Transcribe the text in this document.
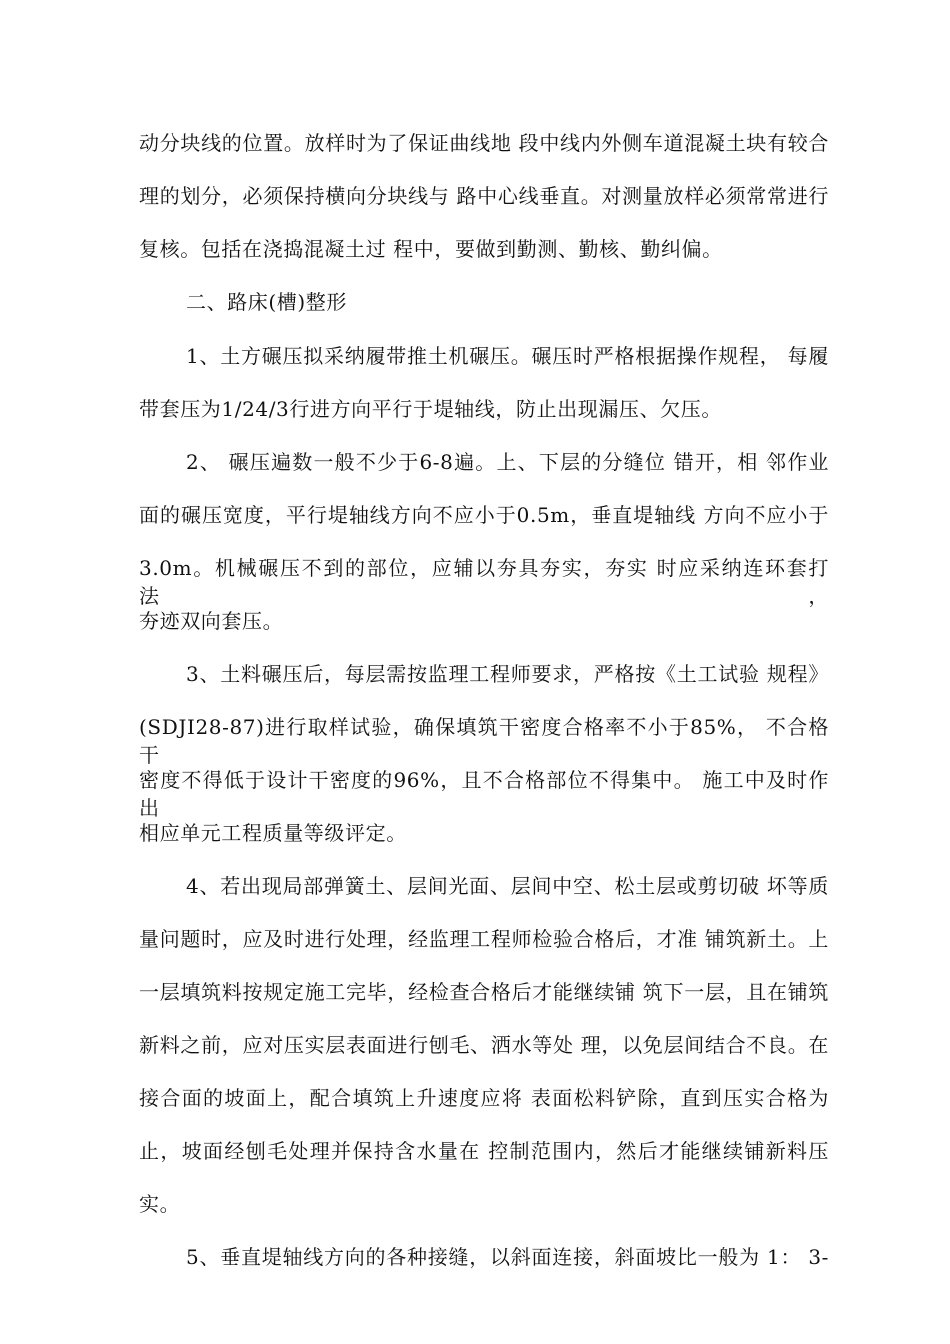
动分块线的位置。放样时为了保证曲线地 段中线内外侧车道混凝土块有较合
理的划分，必须保持横向分块线与 路中心线垂直。对测量放样必须常常进行
复核。包括在浇捣混凝土过 程中，要做到勤测、勤核、勤纠偏。
二、路床(槽)整形
1、土方碾压拟采纳履带推土机碾压。碾压时严格根据操作规程， 每履
带套压为1/24/3行进方向平行于堤轴线，防止出现漏压、欠压。
2、 碾压遍数一般不少于6-8遍。上、下层的分缝位 错开，相 邻作业
面的碾压宽度，平行堤轴线方向不应小于0.5m，垂直堤轴线 方向不应小于
3.0m。机械碾压不到的部位，应辅以夯具夯实，夯实 时应采纳连环套打法，
夯迹双向套压。
3、土料碾压后，每层需按监理工程师要求，严格按《土工试验 规程》
(SDJI28-87)进行取样试验，确保填筑干密度合格率不小于85%， 不合格干
密度不得低于设计干密度的96%，且不合格部位不得集中。 施工中及时作出
相应单元工程质量等级评定。
4、若出现局部弹簧土、层间光面、层间中空、松土层或剪切破 坏等质
量问题时，应及时进行处理，经监理工程师检验合格后，才准 铺筑新土。上
一层填筑料按规定施工完毕，经检查合格后才能继续铺 筑下一层，且在铺筑
新料之前，应对压实层表面进行刨毛、洒水等处 理，以免层间结合不良。在
接合面的坡面上，配合填筑上升速度应将 表面松料铲除，直到压实合格为
止，坡面经刨毛处理并保持含水量在 控制范围内，然后才能继续铺新料压
实。
5、垂直堤轴线方向的各种接缝，以斜面连接，斜面坡比一般为 1： 3-
